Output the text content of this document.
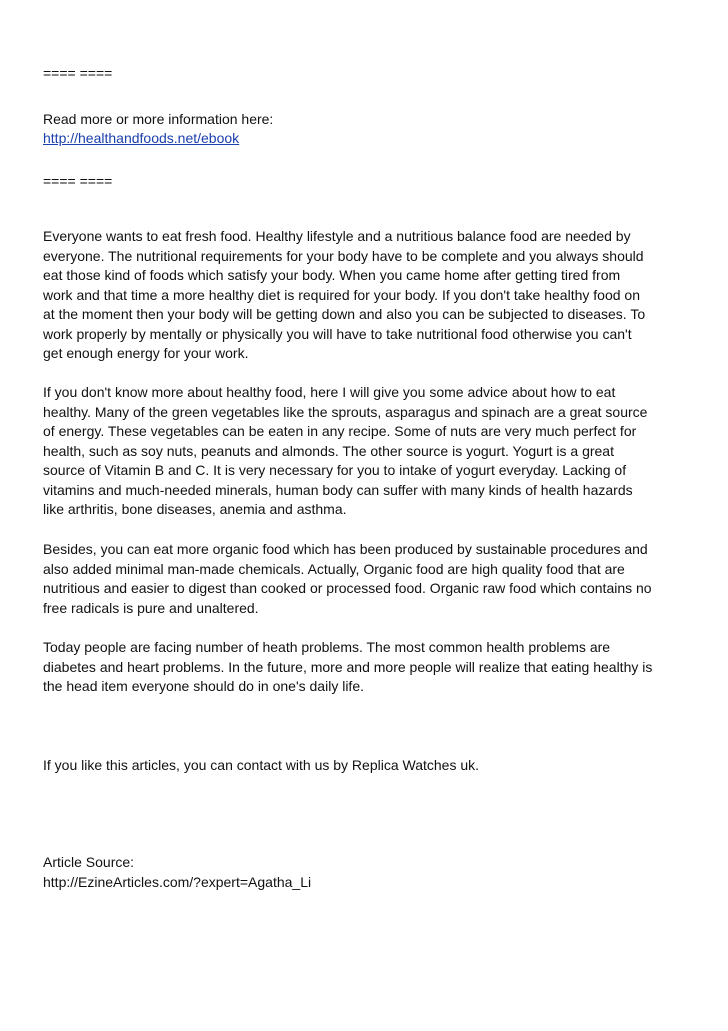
==== ====

Read more or more information here:

http://healthandfoods.net/ebook

==== ====

Everyone wants to eat fresh food. Healthy lifestyle and a nutritious balance food are needed by
everyone. The nutritional requirements for your body have to be complete and you always should
eat those kind of foods which satisfy your body. When you came home after getting tired from
work and that time a more healthy diet is required for your body. If you don't take healthy food on
at the moment then your body will be getting down and also you can be subjected to diseases. To
work properly by mentally or physically you will have to take nutritional food otherwise you can't
get enough energy for your work.

If you don't know more about healthy food, here I will give you some advice about how to eat
healthy. Many of the green vegetables like the sprouts, asparagus and spinach are a great source
of energy. These vegetables can be eaten in any recipe. Some of nuts are very much perfect for
health, such as soy nuts, peanuts and almonds. The other source is yogurt. Yogurt is a great
source of Vitamin B and C. It is very necessary for you to intake of yogurt everyday. Lacking of
vitamins and much-needed minerals, human body can suffer with many kinds of health hazards
like arthritis, bone diseases, anemia and asthma.

Besides, you can eat more organic food which has been produced by sustainable procedures and
also added minimal man-made chemicals. Actually, Organic food are high quality food that are
nutritious and easier to digest than cooked or processed food. Organic raw food which contains no
free radicals is pure and unaltered.

Today people are facing number of heath problems. The most common health problems are
diabetes and heart problems. In the future, more and more people will realize that eating healthy is
the head item everyone should do in one's daily life.

If you like this articles, you can contact with us by Replica Watches uk.

Article Source:

http://EzineArticles.com/?expert=Agatha_Li
